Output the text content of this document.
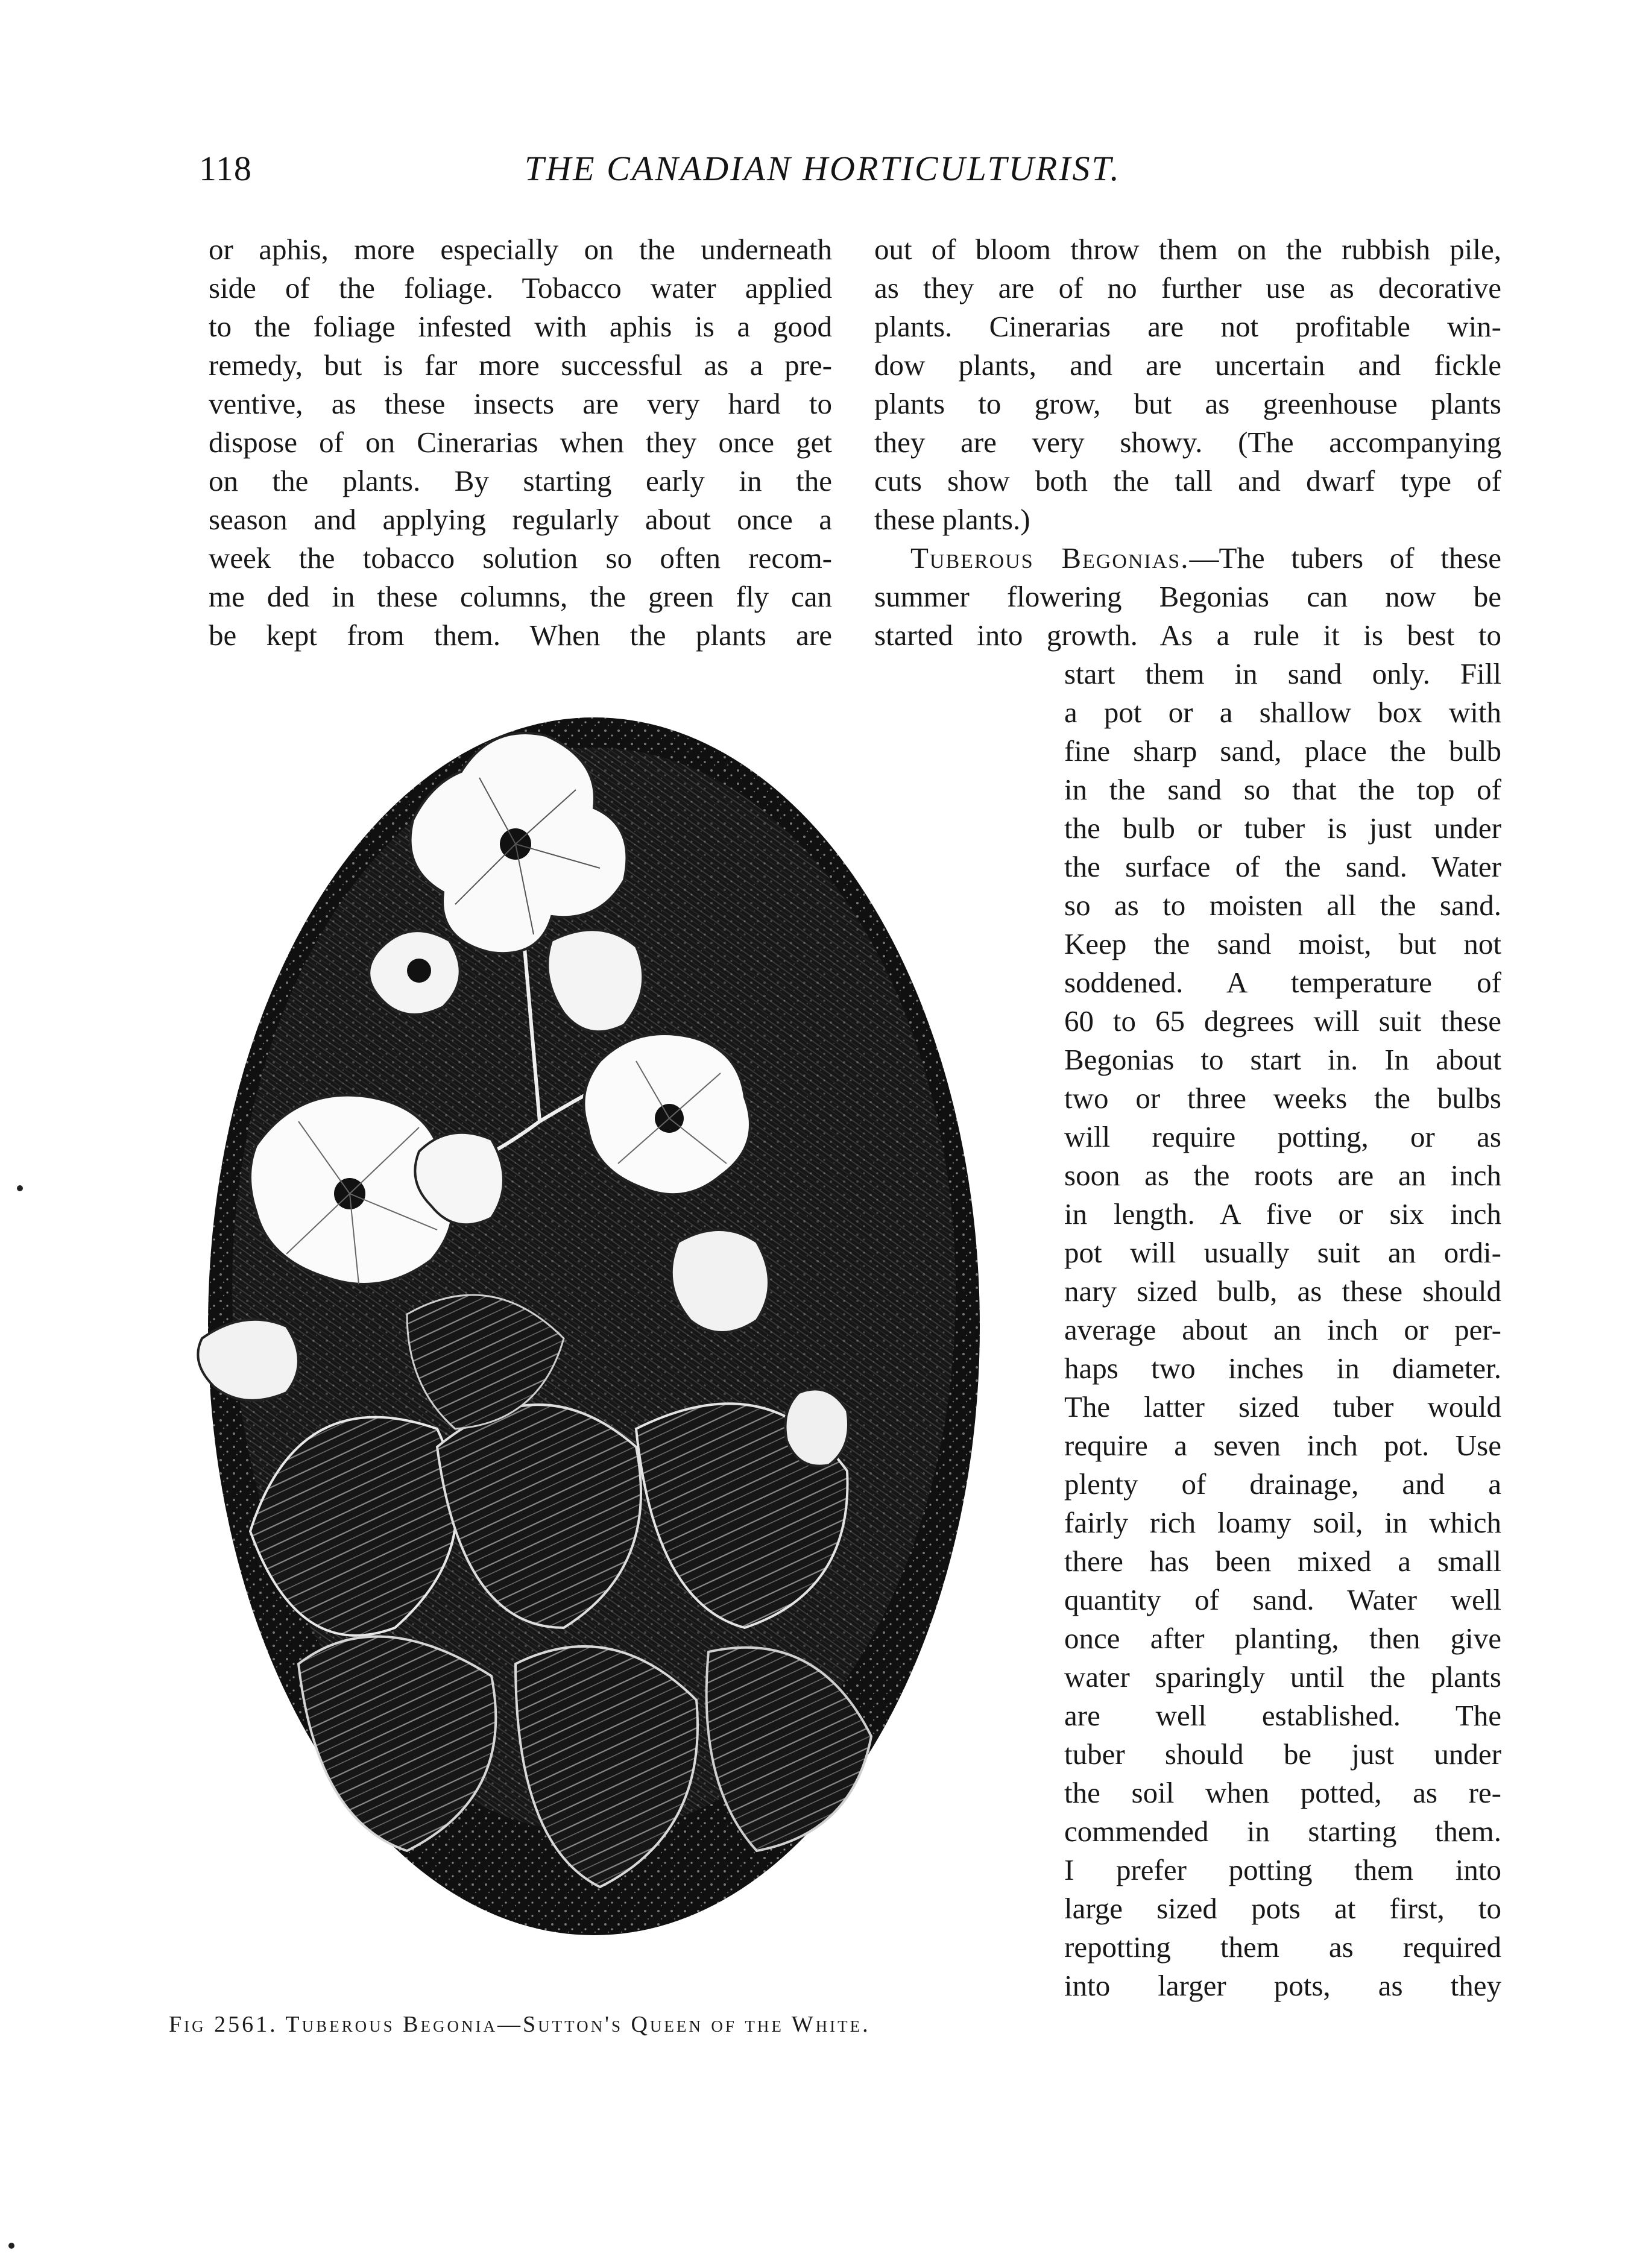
118	THE CANADIAN HORTICULTURIST.
or aphis, more especially on the underneath
side of the foliage. Tobacco water applied
to the foliage infested with aphis is a good
remedy, but is far more successful as a pre-
ventive, as these insects are very hard to
dispose of on Cinerarias when they once get
on the plants. By starting early in the
season and applying regularly about once a
week the tobacco solution so often recom-
me ded in these columns, the green fly can
be kept from them. When the plants are
out of bloom throw them on the rubbish pile,
as they are of no further use as decorative
plants. Cinerarias are not profitable win-
dow plants, and are uncertain and fickle
plants to grow, but as greenhouse plants
they are very showy. (The accompanying
cuts show both the tall and dwarf type of
these plants.)
Tuberous Begonias.—The tubers of these
summer flowering Begonias can now be
started into growth. As a rule it is best to
start them in sand only. Fill
a pot or a shallow box with
fine sharp sand, place the bulb
in the sand so that the top of
the bulb or tuber is just under
the surface of the sand. Water
so as to moisten all the sand.
Keep the sand moist, but not
soddened. A temperature of
60 to 65 degrees will suit these
Begonias to start in. In about
two or three weeks the bulbs
will require potting, or as
soon as the roots are an inch
in length. A five or six inch
pot will usually suit an ordi-
nary sized bulb, as these should
average about an inch or per-
haps two inches in diameter.
The latter sized tuber would
require a seven inch pot. Use
plenty of drainage, and a
fairly rich loamy soil, in which
there has been mixed a small
quantity of sand. Water well
once after planting, then give
water sparingly until the plants
are well established. The
tuber should be just under
the soil when potted, as re-
commended in starting them.
I prefer potting them into
large sized pots at first, to
repotting them as required
into larger pots, as they
Fig 2561. Tuberous Begonia—Sutton's Queen of the White.
